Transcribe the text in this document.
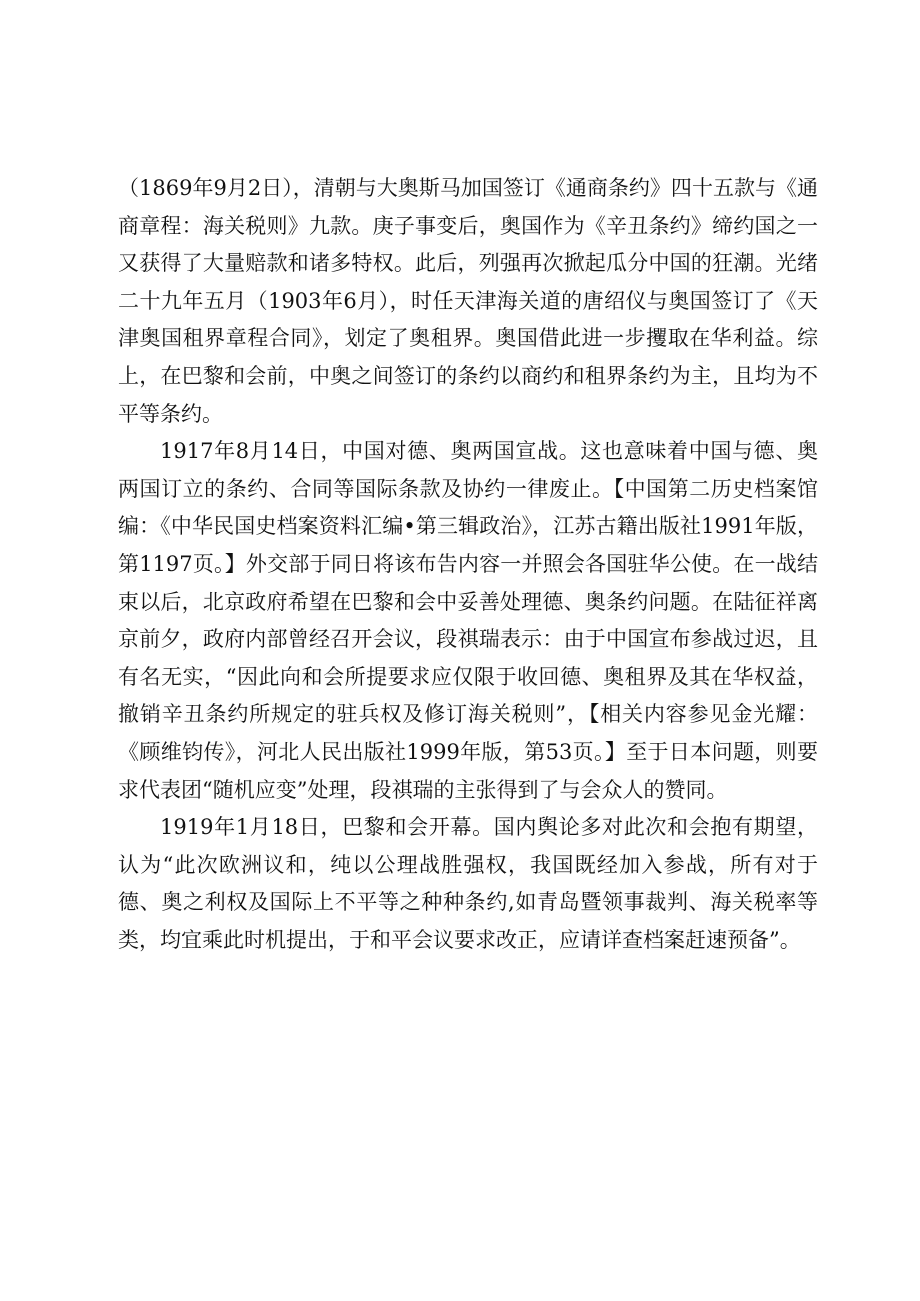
（1869年9月2日），清朝与大奥斯马加国签订《通商条约》四十五款与《通商章程：海关税则》九款。庚子事变后，奥国作为《辛丑条约》缔约国之一又获得了大量赔款和诸多特权。此后，列强再次掀起瓜分中国的狂潮。光绪二十九年五月（1903年6月），时任天津海关道的唐绍仪与奥国签订了《天津奥国租界章程合同》，划定了奥租界。奥国借此进一步攫取在华利益。综上，在巴黎和会前，中奥之间签订的条约以商约和租界条约为主，且均为不平等条约。

1917年8月14日，中国对德、奥两国宣战。这也意味着中国与德、奥两国订立的条约、合同等国际条款及协约一律废止。【中国第二历史档案馆编：《中华民国史档案资料汇编•第三辑政治》，江苏古籍出版社1991年版，第1197页。】外交部于同日将该布告内容一并照会各国驻华公使。在一战结束以后，北京政府希望在巴黎和会中妥善处理德、奥条约问题。在陆征祥离京前夕，政府内部曾经召开会议，段祺瑞表示：由于中国宣布参战过迟，且有名无实，“因此向和会所提要求应仅限于收回德、奥租界及其在华权益，撤销辛丑条约所规定的驻兵权及修订海关税则”，【相关内容参见金光耀：《顾维钧传》，河北人民出版社1999年版，第53页。】至于日本问题，则要求代表团“随机应变”处理，段祺瑞的主张得到了与会众人的赞同。

1919年1月18日，巴黎和会开幕。国内舆论多对此次和会抱有期望，认为“此次欧洲议和，纯以公理战胜强权，我国既经加入参战，所有对于德、奥之利权及国际上不平等之种种条约,如青岛暨领事裁判、海关税率等类，均宜乘此时机提出，于和平会议要求改正，应请详查档案赶速预备”。
